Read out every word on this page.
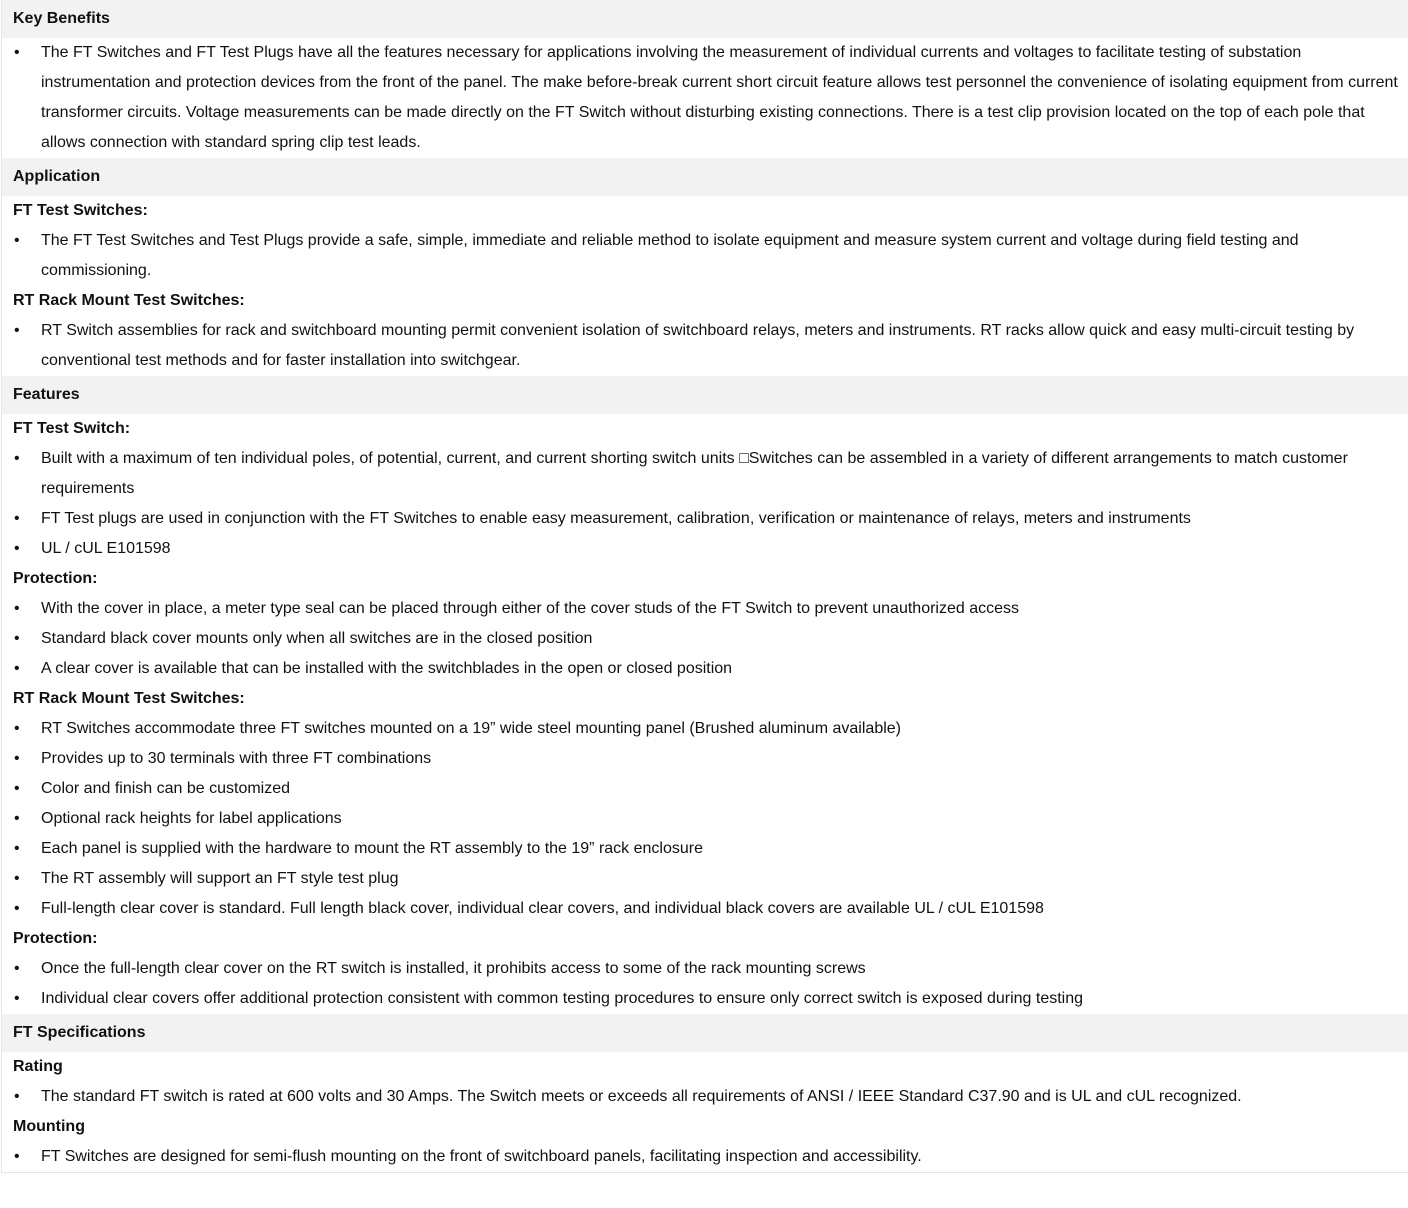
Key Benefits
•	The FT Switches and FT Test Plugs have all the features necessary for applications involving the measurement of individual currents and voltages to facilitate testing of substation instrumentation and protection devices from the front of the panel. The make before-break current short circuit feature allows test personnel the convenience of isolating equipment from current transformer circuits. Voltage measurements can be made directly on the FT Switch without disturbing existing connections. There is a test clip provision located on the top of each pole that allows connection with standard spring clip test leads.
Application
FT Test Switches:
•	The FT Test Switches and Test Plugs provide a safe, simple, immediate and reliable method to isolate equipment and measure system current and voltage during field testing and commissioning.
RT Rack Mount Test Switches:
•	RT Switch assemblies for rack and switchboard mounting permit convenient isolation of switchboard relays, meters and instruments. RT racks allow quick and easy multi-circuit testing by conventional test methods and for faster installation into switchgear.
Features
FT Test Switch:
•	Built with a maximum of ten individual poles, of potential, current, and current shorting switch units □Switches can be assembled in a variety of different arrangements to match customer requirements
•	FT Test plugs are used in conjunction with the FT Switches to enable easy measurement, calibration, verification or maintenance of relays, meters and instruments
•	UL / cUL E101598
Protection:
•	With the cover in place, a meter type seal can be placed through either of the cover studs of the FT Switch to prevent unauthorized access
•	Standard black cover mounts only when all switches are in the closed position
•	A clear cover is available that can be installed with the switchblades in the open or closed position
RT Rack Mount Test Switches:
•	RT Switches accommodate three FT switches mounted on a 19” wide steel mounting panel (Brushed aluminum available)
•	Provides up to 30 terminals with three FT combinations
•	Color and finish can be customized
•	Optional rack heights for label applications
•	Each panel is supplied with the hardware to mount the RT assembly to the 19” rack enclosure
•	The RT assembly will support an FT style test plug
•	Full-length clear cover is standard. Full length black cover, individual clear covers, and individual black covers are available UL / cUL E101598
Protection:
•	Once the full-length clear cover on the RT switch is installed, it prohibits access to some of the rack mounting screws
•	Individual clear covers offer additional protection consistent with common testing procedures to ensure only correct switch is exposed during testing
FT Specifications
Rating
•	The standard FT switch is rated at 600 volts and 30 Amps. The Switch meets or exceeds all requirements of ANSI / IEEE Standard C37.90 and is UL and cUL recognized.
Mounting
•	FT Switches are designed for semi-flush mounting on the front of switchboard panels, facilitating inspection and accessibility.
